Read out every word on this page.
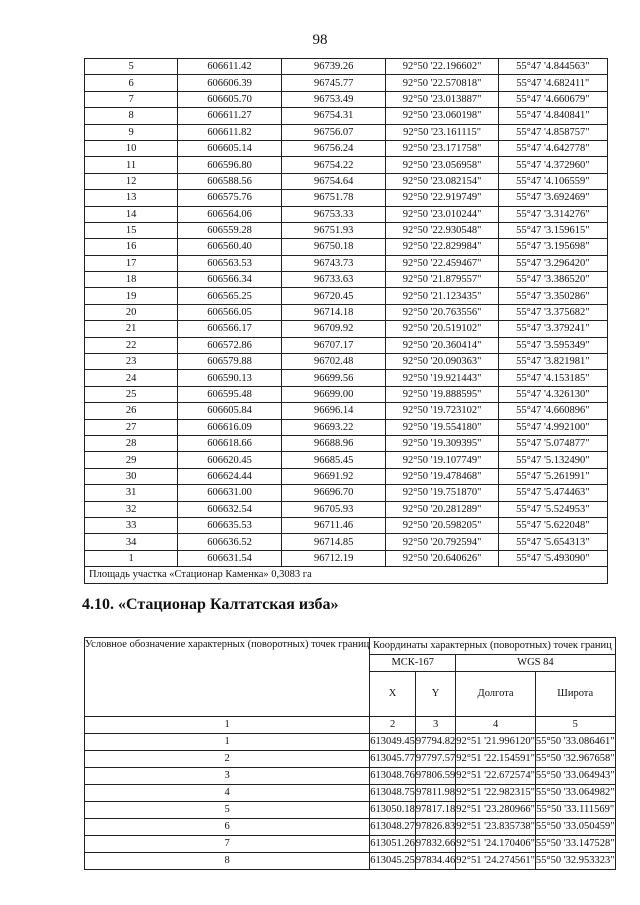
98
5	606611.42	96739.26	92°50 '22.196602"	55°47 '4.844563"
6	606606.39	96745.77	92°50 '22.570818"	55°47 '4.682411"
7	606605.70	96753.49	92°50 '23.013887"	55°47 '4.660679"
8	606611.27	96754.31	92°50 '23.060198"	55°47 '4.840841"
9	606611.82	96756.07	92°50 '23.161115"	55°47 '4.858757"
10	606605.14	96756.24	92°50 '23.171758"	55°47 '4.642778"
11	606596.80	96754.22	92°50 '23.056958"	55°47 '4.372960"
12	606588.56	96754.64	92°50 '23.082154"	55°47 '4.106559"
13	606575.76	96751.78	92°50 '22.919749"	55°47 '3.692469"
14	606564.06	96753.33	92°50 '23.010244"	55°47 '3.314276"
15	606559.28	96751.93	92°50 '22.930548"	55°47 '3.159615"
16	606560.40	96750.18	92°50 '22.829984"	55°47 '3.195698"
17	606563.53	96743.73	92°50 '22.459467"	55°47 '3.296420"
18	606566.34	96733.63	92°50 '21.879557"	55°47 '3.386520"
19	606565.25	96720.45	92°50 '21.123435"	55°47 '3.350286"
20	606566.05	96714.18	92°50 '20.763556"	55°47 '3.375682"
21	606566.17	96709.92	92°50 '20.519102"	55°47 '3.379241"
22	606572.86	96707.17	92°50 '20.360414"	55°47 '3.595349"
23	606579.88	96702.48	92°50 '20.090363"	55°47 '3.821981"
24	606590.13	96699.56	92°50 '19.921443"	55°47 '4.153185"
25	606595.48	96699.00	92°50 '19.888595"	55°47 '4.326130"
26	606605.84	96696.14	92°50 '19.723102"	55°47 '4.660896"
27	606616.09	96693.22	92°50 '19.554180"	55°47 '4.992100"
28	606618.66	96688.96	92°50 '19.309395"	55°47 '5.074877"
29	606620.45	96685.45	92°50 '19.107749"	55°47 '5.132490"
30	606624.44	96691.92	92°50 '19.478468"	55°47 '5.261991"
31	606631.00	96696.70	92°50 '19.751870"	55°47 '5.474463"
32	606632.54	96705.93	92°50 '20.281289"	55°47 '5.524953"
33	606635.53	96711.46	92°50 '20.598205"	55°47 '5.622048"
34	606636.52	96714.85	92°50 '20.792594"	55°47 '5.654313"
1	606631.54	96712.19	92°50 '20.640626"	55°47 '5.493090"
Площадь участка «Стационар Каменка» 0,3083 га				
4.10. «Стационар Калтатская изба»
Условное обозначение характерных (поворотных) точек границ	Координаты характерных (поворотных) точек границ			
	МСК-167		WGS 84	
	X	Y	Долгота	Широта
1	2	3	4	5
1	613049.45	97794.82	92°51 '21.996120"	55°50 '33.086461"
2	613045.77	97797.57	92°51 '22.154591"	55°50 '32.967658"
3	613048.76	97806.59	92°51 '22.672574"	55°50 '33.064943"
4	613048.75	97811.98	92°51 '22.982315"	55°50 '33.064982"
5	613050.18	97817.18	92°51 '23.280966"	55°50 '33.111569"
6	613048.27	97826.83	92°51 '23.835738"	55°50 '33.050459"
7	613051.26	97832.66	92°51 '24.170406"	55°50 '33.147528"
8	613045.25	97834.46	92°51 '24.274561"	55°50 '32.953323"
